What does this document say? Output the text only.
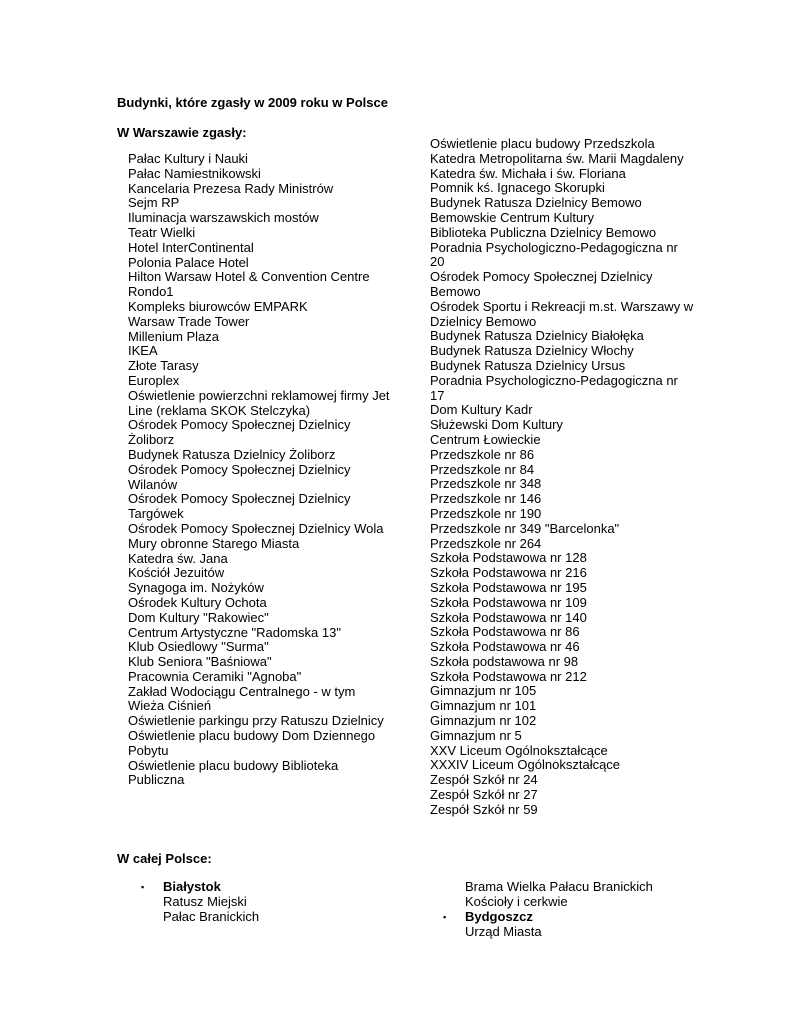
Budynki, które zgasły w 2009 roku w Polsce
W Warszawie zgasły:
Pałac Kultury i Nauki
Pałac Namiestnikowski
Kancelaria Prezesa Rady Ministrów
Sejm RP
Iluminacja warszawskich mostów
Teatr Wielki
Hotel InterContinental
Polonia Palace Hotel
Hilton Warsaw Hotel & Convention Centre
Rondo1
Kompleks biurowców EMPARK
Warsaw Trade Tower
Millenium Plaza
IKEA
Złote Tarasy
Europlex
Oświetlenie powierzchni reklamowej firmy Jet
Line (reklama SKOK Stelczyka)
Ośrodek Pomocy Społecznej Dzielnicy
Żoliborz
Budynek Ratusza Dzielnicy Żoliborz
Ośrodek Pomocy Społecznej Dzielnicy
Wilanów
Ośrodek Pomocy Społecznej Dzielnicy
Targówek
Ośrodek Pomocy Społecznej Dzielnicy Wola
Mury obronne Starego Miasta
Katedra św. Jana
Kościół Jezuitów
Synagoga im. Nożyków
Ośrodek Kultury Ochota
Dom Kultury "Rakowiec"
Centrum Artystyczne "Radomska 13"
Klub Osiedlowy "Surma"
Klub Seniora "Baśniowa"
Pracownia Ceramiki "Agnoba"
Zakład Wodociągu Centralnego - w tym
Wieża Ciśnień
Oświetlenie parkingu przy Ratuszu Dzielnicy
Oświetlenie placu budowy Dom Dziennego
Pobytu
Oświetlenie placu budowy Biblioteka
Publiczna
Oświetlenie placu budowy Przedszkola
Katedra Metropolitarna św. Marii Magdaleny
Katedra św. Michała i św. Floriana
Pomnik kś. Ignacego Skorupki
Budynek Ratusza Dzielnicy Bemowo
Bemowskie Centrum Kultury
Biblioteka Publiczna Dzielnicy Bemowo
Poradnia Psychologiczno-Pedagogiczna nr
20
Ośrodek Pomocy Społecznej Dzielnicy
Bemowo
Ośrodek Sportu i Rekreacji m.st. Warszawy w
Dzielnicy Bemowo
Budynek Ratusza Dzielnicy Białołęka
Budynek Ratusza Dzielnicy Włochy
Budynek Ratusza Dzielnicy Ursus
Poradnia Psychologiczno-Pedagogiczna nr
17
Dom Kultury Kadr
Służewski Dom Kultury
Centrum Łowieckie
Przedszkole nr 86
Przedszkole nr 84
Przedszkole nr 348
Przedszkole nr 146
Przedszkole nr 190
Przedszkole nr 349 "Barcelonka"
Przedszkole nr 264
Szkoła Podstawowa nr 128
Szkoła Podstawowa nr 216
Szkoła Podstawowa nr 195
Szkoła Podstawowa nr 109
Szkoła Podstawowa nr 140
Szkoła Podstawowa nr 86
Szkoła Podstawowa nr 46
Szkoła podstawowa nr 98
Szkoła Podstawowa nr 212
Gimnazjum nr 105
Gimnazjum nr 101
Gimnazjum nr 102
Gimnazjum nr 5
XXV Liceum Ogólnokształcące
XXXIV Liceum Ogólnokształcące
Zespół Szkół nr 24
Zespół Szkół nr 27
Zespół Szkół nr 59
W całej Polsce:
▪ Białystok
Ratusz Miejski
Pałac Branickich
Brama Wielka Pałacu Branickich
Kościoły i cerkwie
▪ Bydgoszcz
Urząd Miasta
